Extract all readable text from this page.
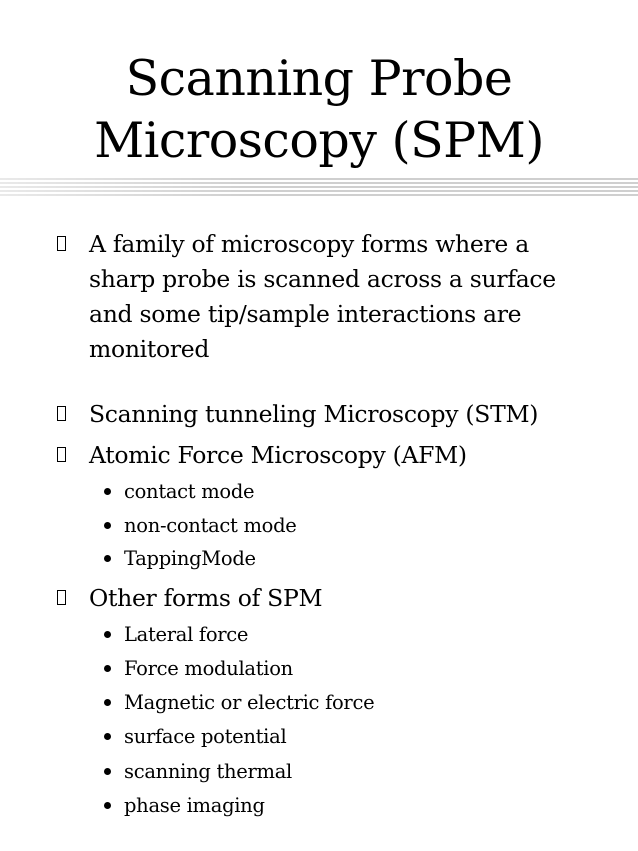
Scanning Probe
Microscopy (SPM)
A family of microscopy forms where a
sharp probe is scanned across a surface
and some tip/sample interactions are
monitored
Scanning tunneling Microscopy (STM)
Atomic Force Microscopy (AFM)
contact mode
non-contact mode
TappingMode
Other forms of SPM
Lateral force
Force modulation
Magnetic or electric force
surface potential
scanning thermal
phase imaging
